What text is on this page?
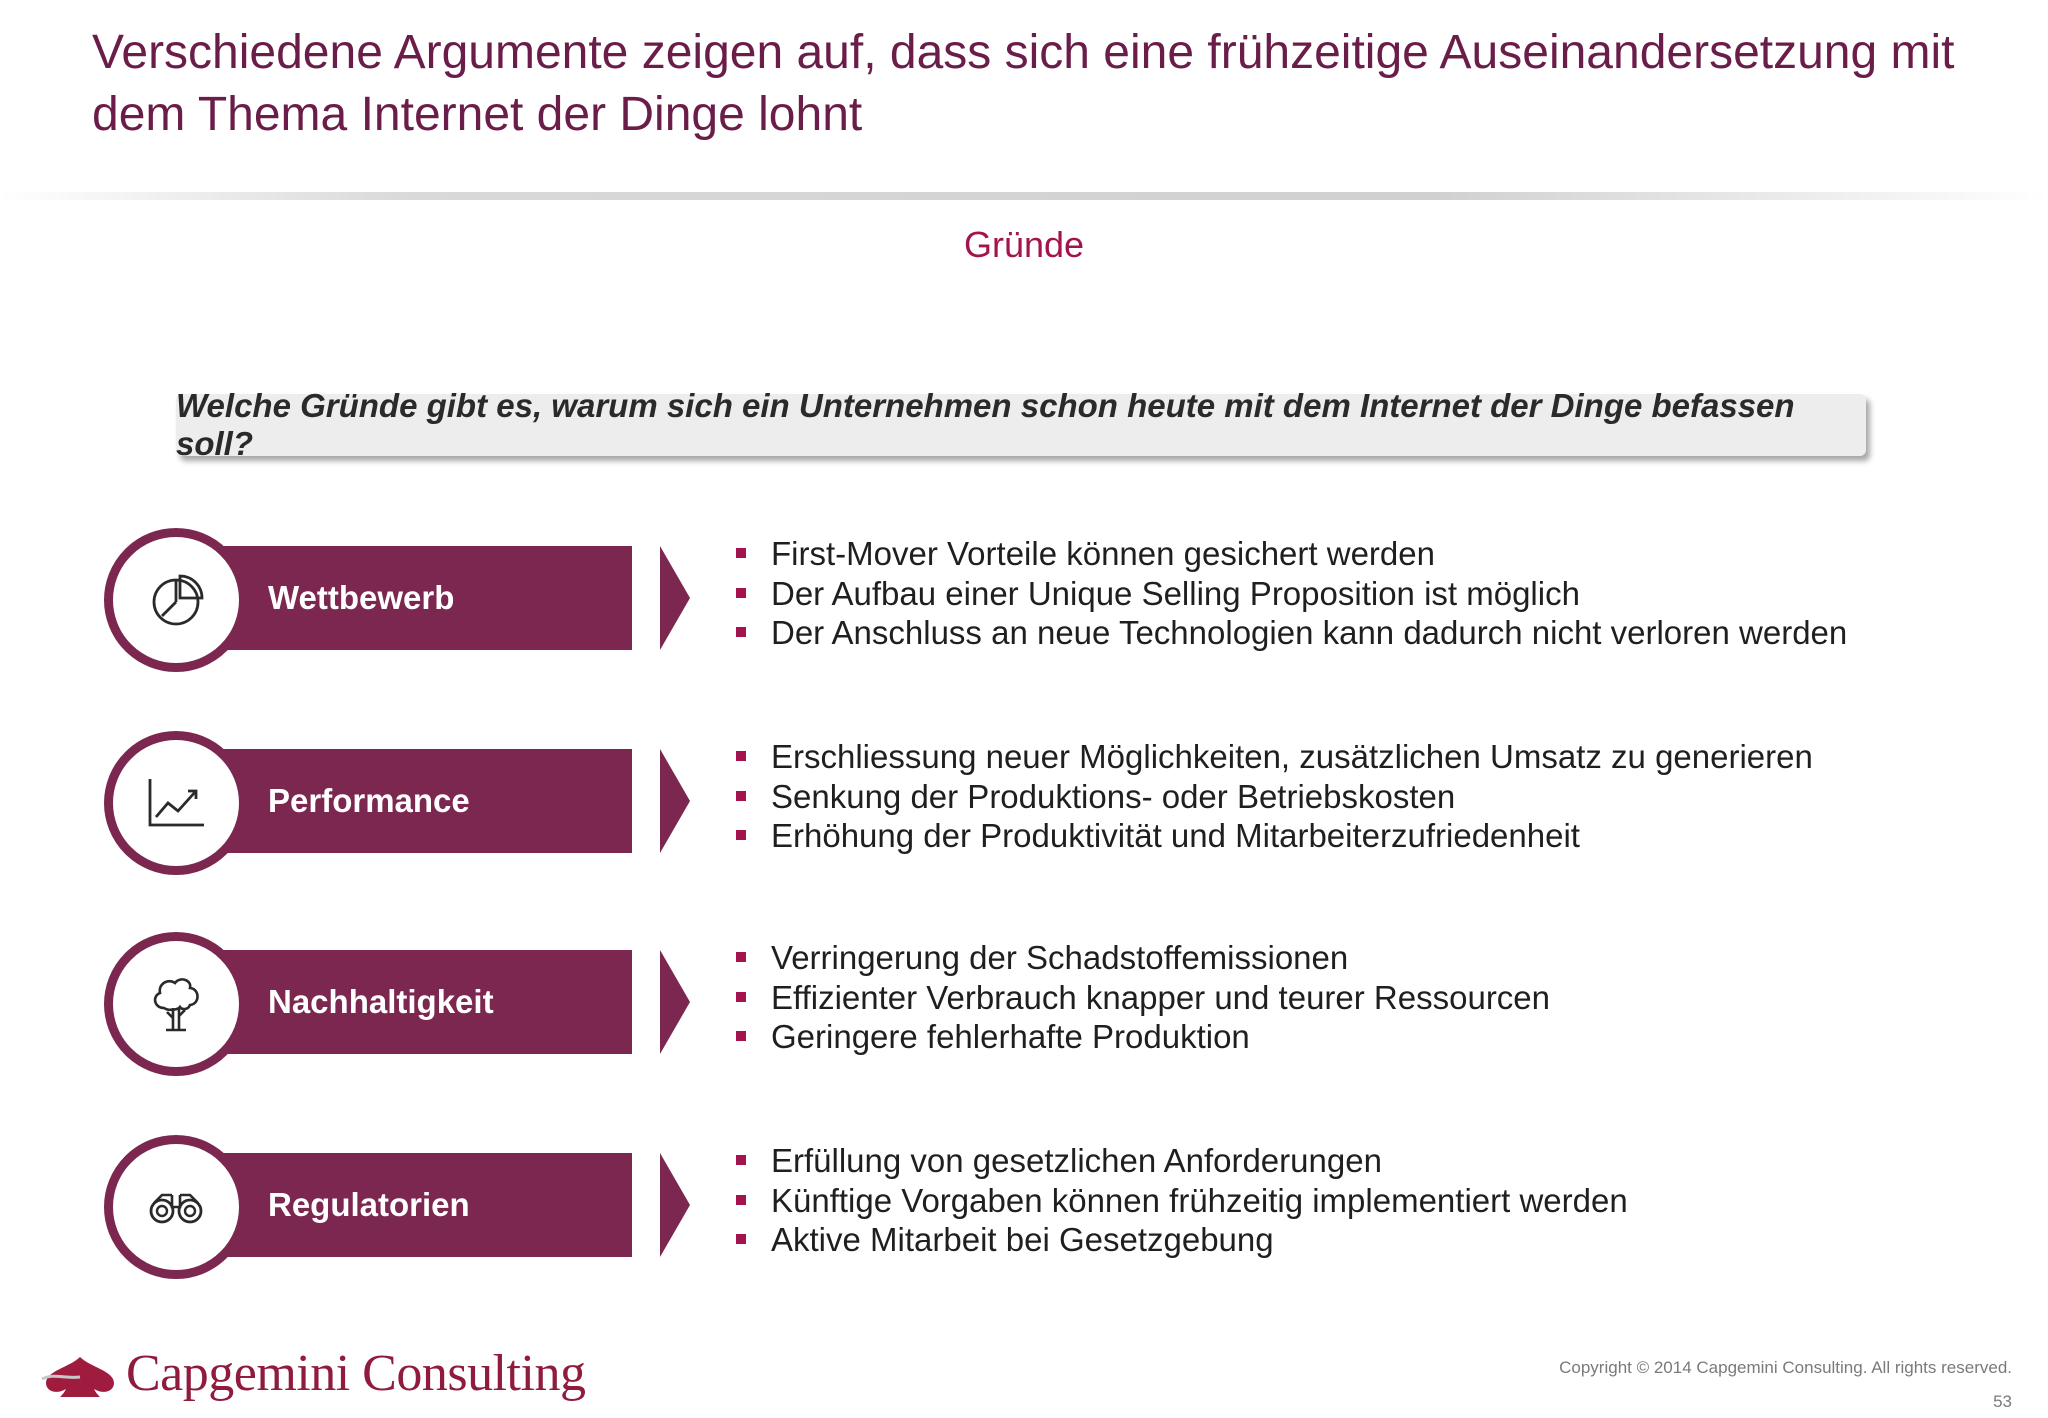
Verschiedene Argumente zeigen auf, dass sich eine frühzeitige Auseinandersetzung mit
dem Thema Internet der Dinge lohnt
Gründe
Welche Gründe gibt es, warum sich ein Unternehmen schon heute mit dem Internet der Dinge befassen soll?
Wettbewerb
First-Mover Vorteile können gesichert werden
Der Aufbau einer Unique Selling Proposition ist möglich
Der Anschluss an neue Technologien kann dadurch nicht verloren werden
Performance
Erschliessung neuer Möglichkeiten, zusätzlichen Umsatz zu generieren
Senkung der Produktions- oder Betriebskosten
Erhöhung der Produktivität und Mitarbeiterzufriedenheit
Nachhaltigkeit
Verringerung der Schadstoffemissionen
Effizienter Verbrauch knapper und teurer Ressourcen
Geringere fehlerhafte Produktion
Regulatorien
Erfüllung von gesetzlichen Anforderungen
Künftige Vorgaben können frühzeitig implementiert werden
Aktive Mitarbeit bei Gesetzgebung
Capgemini Consulting	Copyright © 2014 Capgemini Consulting. All rights reserved.
53
